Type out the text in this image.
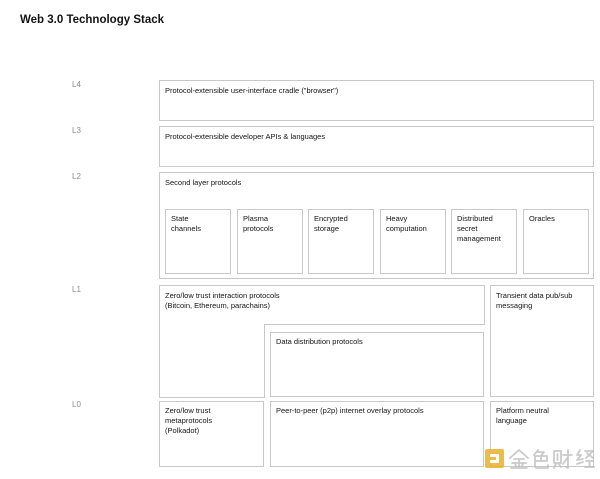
Web 3.0 Technology Stack
L4
L3
L2
L1
L0
Protocol-extensible user-interface cradle ("browser")
Protocol-extensible developer APIs & languages
Second layer protocols
State
channels
Plasma
protocols
Encrypted
storage
Heavy
computation
Distributed
secret
management
Oracles
Zero/low trust interaction protocols
(Bitcoin, Ethereum, parachains)
Data distribution protocols
Transient data pub/sub
messaging
Zero/low trust
metaprotocols
(Polkadot)
Peer-to-peer (p2p) internet overlay protocols	Platform neutral
language
